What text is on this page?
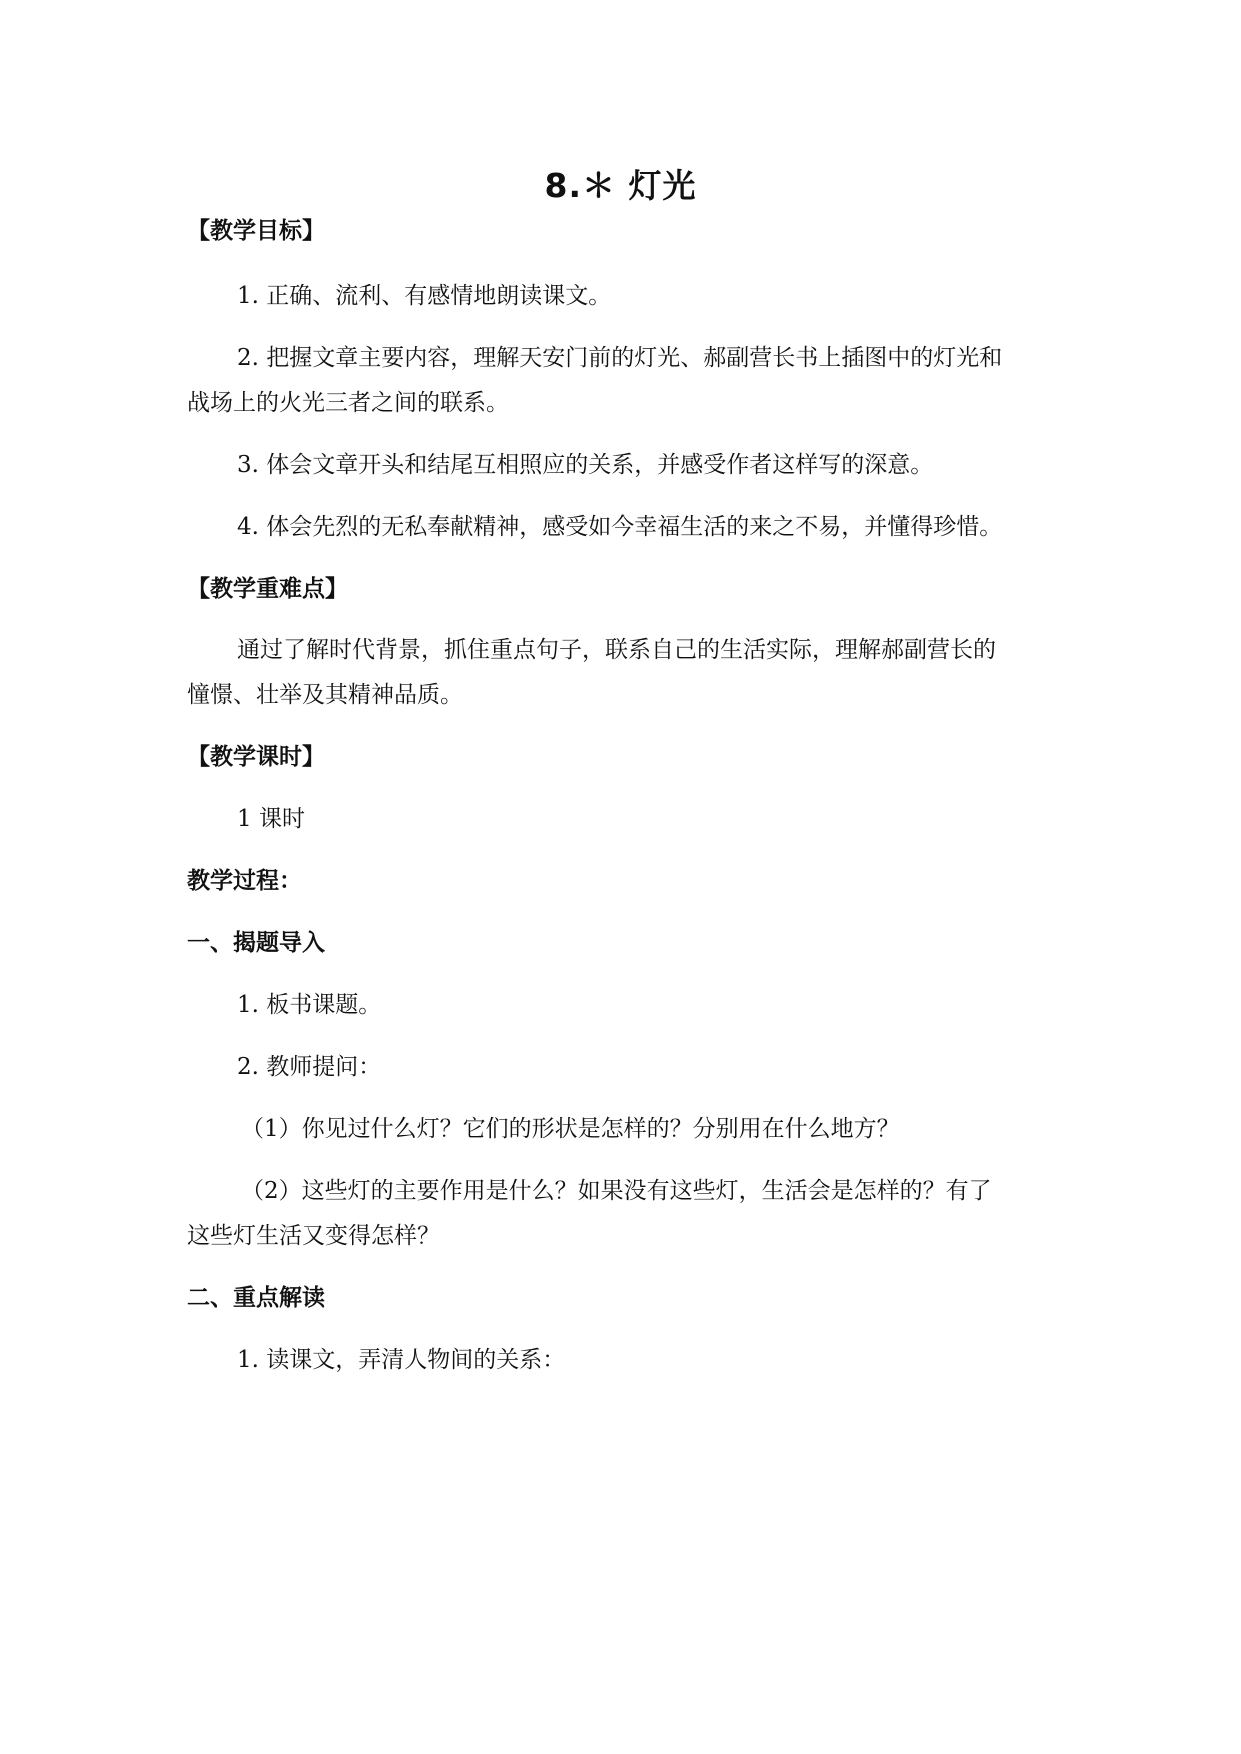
8.＊ 灯光
【教学目标】
1. 正确、流利、有感情地朗读课文。
2. 把握文章主要内容，理解天安门前的灯光、郝副营长书上插图中的灯光和
战场上的火光三者之间的联系。
3. 体会文章开头和结尾互相照应的关系，并感受作者这样写的深意。
4. 体会先烈的无私奉献精神，感受如今幸福生活的来之不易，并懂得珍惜。
【教学重难点】
通过了解时代背景，抓住重点句子，联系自己的生活实际，理解郝副营长的
憧憬、壮举及其精神品质。
【教学课时】
1 课时
教学过程：
一、揭题导入
1. 板书课题。
2. 教师提问：
（1）你见过什么灯？它们的形状是怎样的？分别用在什么地方？
（2）这些灯的主要作用是什么？如果没有这些灯，生活会是怎样的？有了
这些灯生活又变得怎样？
二、重点解读
1. 读课文，弄清人物间的关系：
